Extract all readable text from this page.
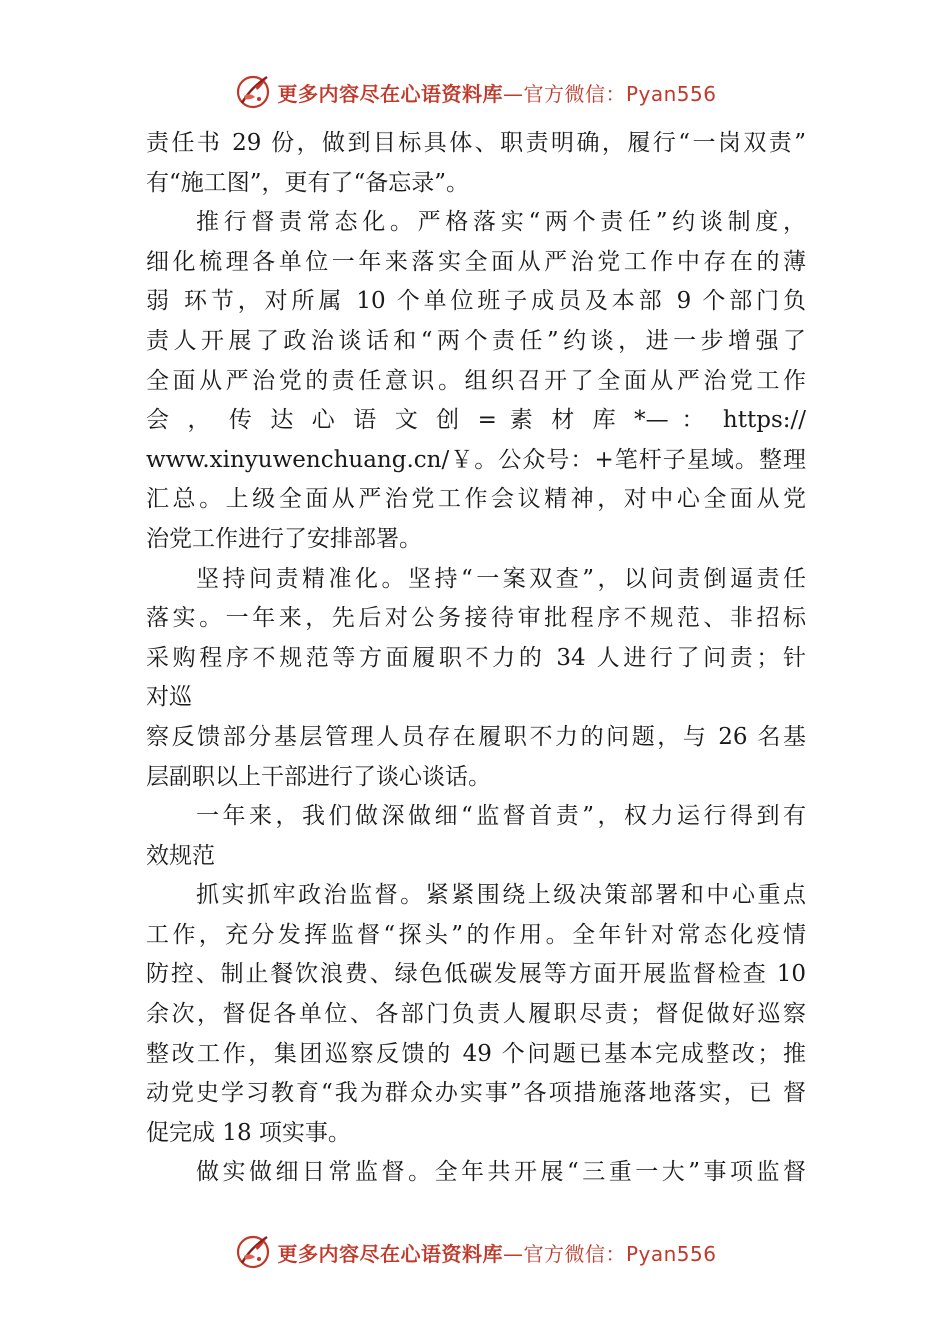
更多内容尽在心语资料库—官方微信：Pyan556
责任书 29 份，做到目标具体、职责明确，履行“一岗双责”
有“施工图”，更有了“备忘录”。
推行督责常态化。严格落实“两个责任”约谈制度，
细化梳理各单位一年来落实全面从严治党工作中存在的薄
弱 环节，对所属 10 个单位班子成员及本部 9 个部门负
责人开展了政治谈话和“两个责任”约谈，进一步增强了
全面从严治党的责任意识。组织召开了全面从严治党工作
会 ， 传 达 心 语 文 创 = 素 材 库 *— ： https://
www.xinyuwenchuang.cn/￥。公众号：+笔杆子星域。整理
汇总。上级全面从严治党工作会议精神，对中心全面从党
治党工作进行了安排部署。
坚持问责精准化。坚持“一案双查”，以问责倒逼责任
落实。一年来，先后对公务接待审批程序不规范、非招标
采购程序不规范等方面履职不力的 34 人进行了问责；针
对巡
察反馈部分基层管理人员存在履职不力的问题，与 26 名基
层副职以上干部进行了谈心谈话。
一年来，我们做深做细“监督首责”，权力运行得到有
效规范
抓实抓牢政治监督。紧紧围绕上级决策部署和中心重点
工作，充分发挥监督“探头”的作用。全年针对常态化疫情
防控、制止餐饮浪费、绿色低碳发展等方面开展监督检查 10
余次，督促各单位、各部门负责人履职尽责；督促做好巡察
整改工作，集团巡察反馈的 49 个问题已基本完成整改；推
动党史学习教育“我为群众办实事”各项措施落地落实，已 督
促完成 18 项实事。
做实做细日常监督。全年共开展“三重一大”事项监督
更多内容尽在心语资料库—官方微信：Pyan556
